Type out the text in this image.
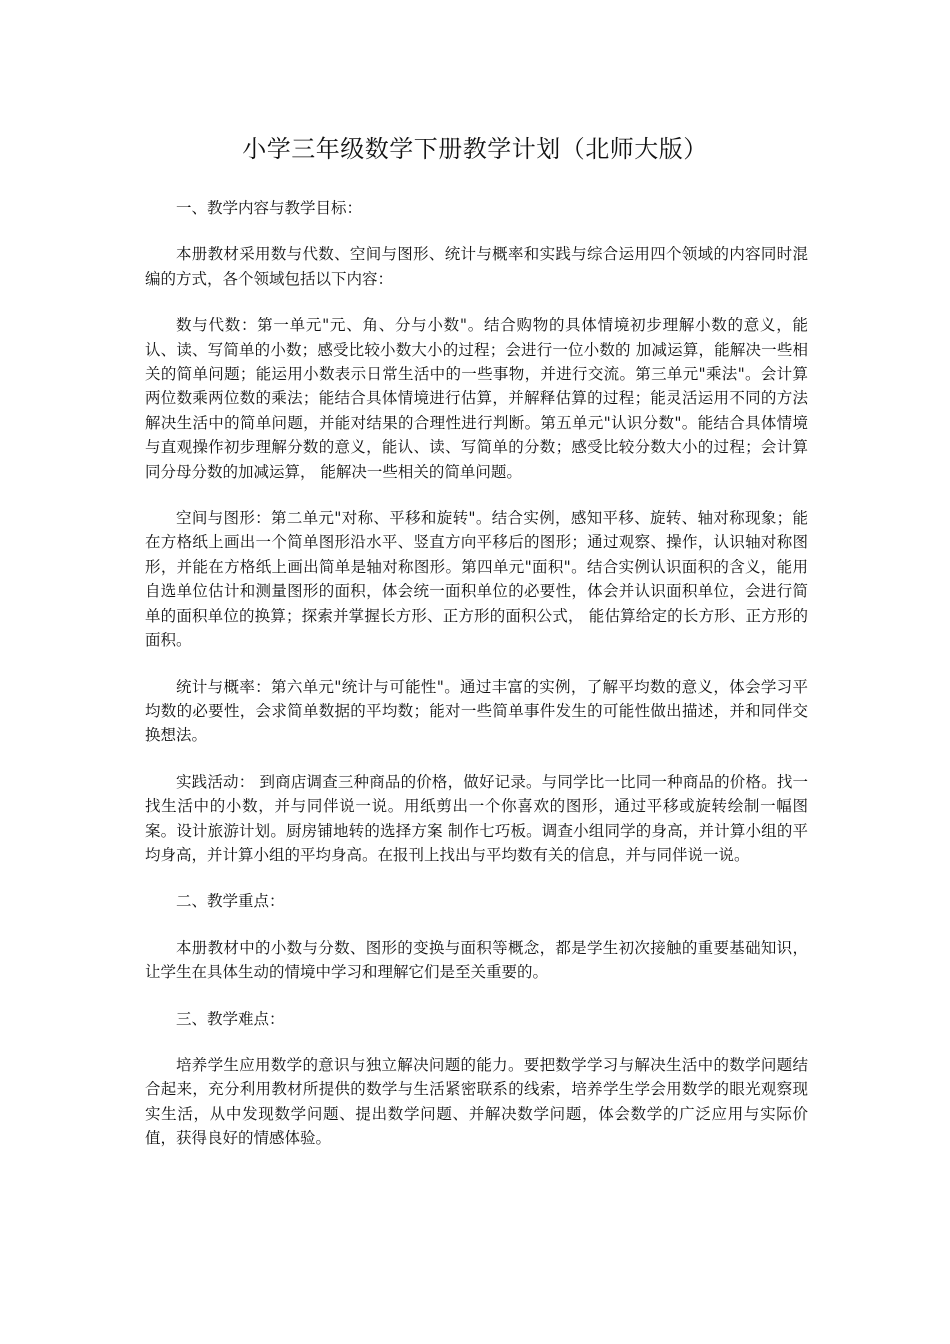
小学三年级数学下册教学计划（北师大版）

一、教学内容与教学目标：

本册教材采用数与代数、空间与图形、统计与概率和实践与综合运用四个领域的内容同时混编的方式，各个领域包括以下内容：

数与代数：第一单元"元、角、分与小数"。结合购物的具体情境初步理解小数的意义，能认、读、写简单的小数；感受比较小数大小的过程；会进行一位小数的 加减运算，能解决一些相关的简单问题；能运用小数表示日常生活中的一些事物，并进行交流。第三单元"乘法"。会计算两位数乘两位数的乘法；能结合具体情境进行估算，并解释估算的过程；能灵活运用不同的方法解决生活中的简单问题，并能对结果的合理性进行判断。第五单元"认识分数"。能结合具体情境与直观操作初步理解分数的意义，能认、读、写简单的分数；感受比较分数大小的过程；会计算同分母分数的加减运算， 能解决一些相关的简单问题。

空间与图形：第二单元"对称、平移和旋转"。结合实例，感知平移、旋转、轴对称现象；能在方格纸上画出一个简单图形沿水平、竖直方向平移后的图形；通过观察、操作，认识轴对称图形，并能在方格纸上画出简单是轴对称图形。第四单元"面积"。结合实例认识面积的含义，能用自选单位估计和测量图形的面积，体会统一面积单位的必要性，体会并认识面积单位，会进行简单的面积单位的换算；探索并掌握长方形、正方形的面积公式， 能估算给定的长方形、正方形的面积。

统计与概率：第六单元"统计与可能性"。通过丰富的实例，了解平均数的意义，体会学习平均数的必要性，会求简单数据的平均数；能对一些简单事件发生的可能性做出描述，并和同伴交换想法。

实践活动： 到商店调查三种商品的价格，做好记录。与同学比一比同一种商品的价格。找一找生活中的小数，并与同伴说一说。用纸剪出一个你喜欢的图形，通过平移或旋转绘制一幅图案。设计旅游计划。厨房铺地转的选择方案 制作七巧板。调查小组同学的身高，并计算小组的平均身高，并计算小组的平均身高。在报刊上找出与平均数有关的信息，并与同伴说一说。

二、教学重点：

本册教材中的小数与分数、图形的变换与面积等概念，都是学生初次接触的重要基础知识，让学生在具体生动的情境中学习和理解它们是至关重要的。

三、教学难点：

培养学生应用数学的意识与独立解决问题的能力。要把数学学习与解决生活中的数学问题结合起来，充分利用教材所提供的数学与生活紧密联系的线索，培养学生学会用数学的眼光观察现实生活，从中发现数学问题、提出数学问题、并解决数学问题，体会数学的广泛应用与实际价值，获得良好的情感体验。
